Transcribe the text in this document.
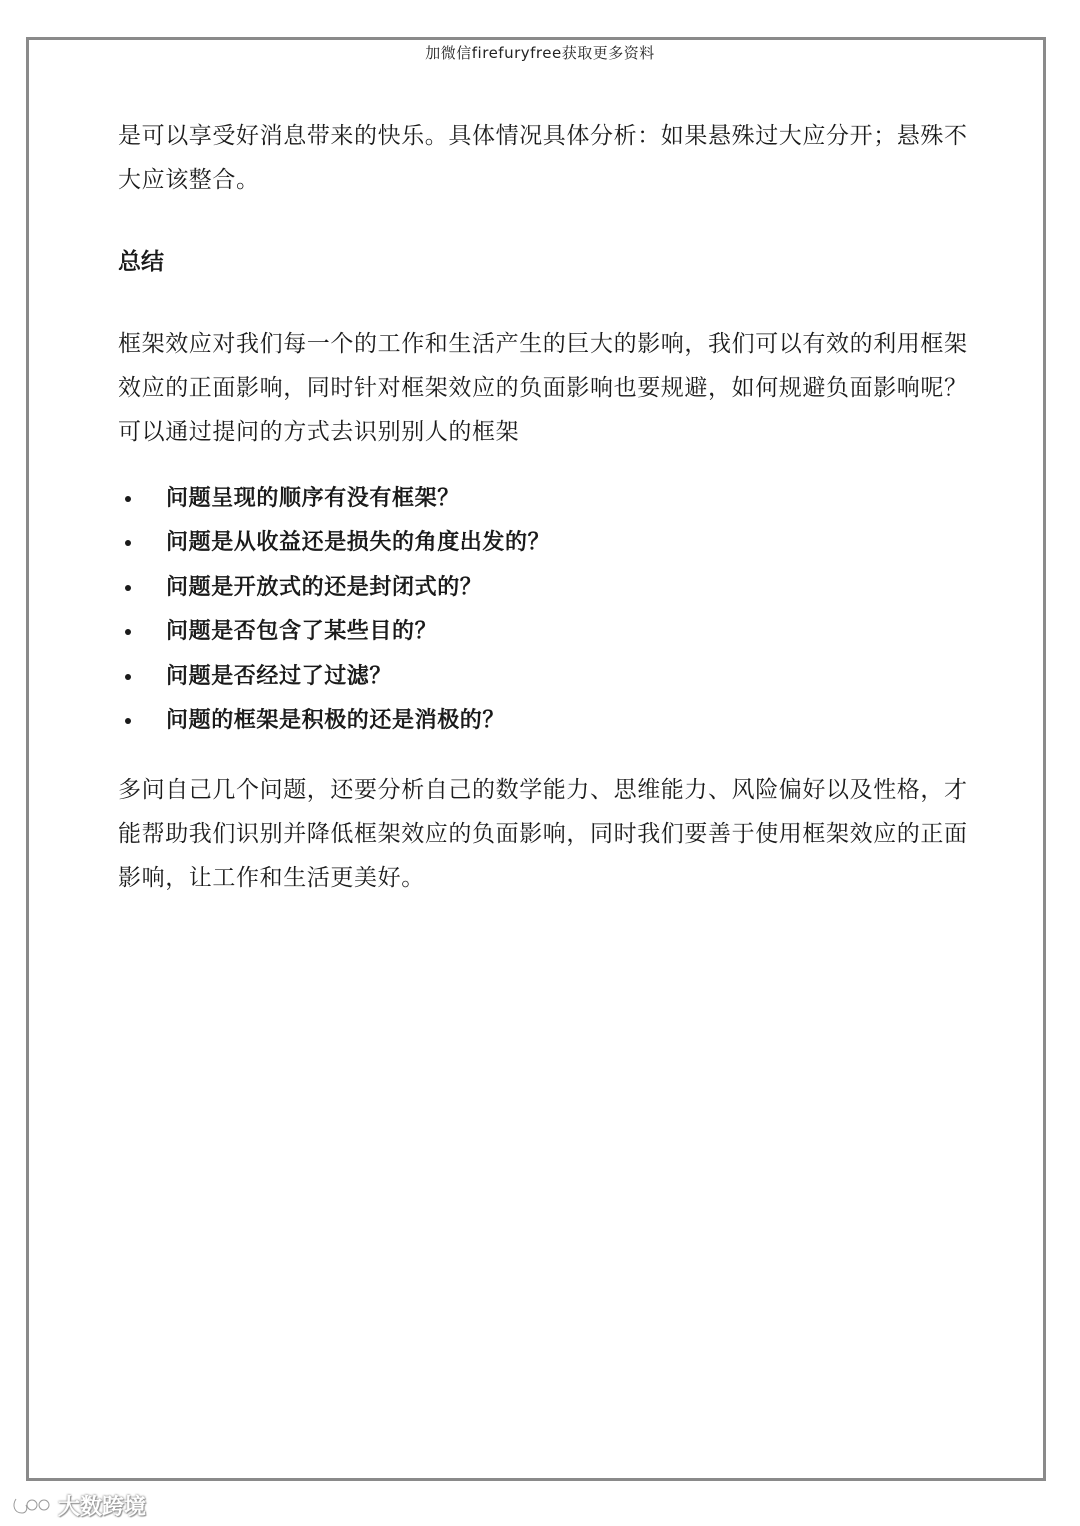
加微信firefuryfree获取更多资料

是可以享受好消息带来的快乐。具体情况具体分析：如果悬殊过大应分开；悬殊不大应该整合。

总结

框架效应对我们每一个的工作和生活产生的巨大的影响，我们可以有效的利用框架效应的正面影响，同时针对框架效应的负面影响也要规避，如何规避负面影响呢？可以通过提问的方式去识别别人的框架

问题呈现的顺序有没有框架？
问题是从收益还是损失的角度出发的？
问题是开放式的还是封闭式的？
问题是否包含了某些目的？
问题是否经过了过滤？
问题的框架是积极的还是消极的？

多问自己几个问题，还要分析自己的数学能力、思维能力、风险偏好以及性格，才能帮助我们识别并降低框架效应的负面影响，同时我们要善于使用框架效应的正面影响，让工作和生活更美好。

大数跨境
